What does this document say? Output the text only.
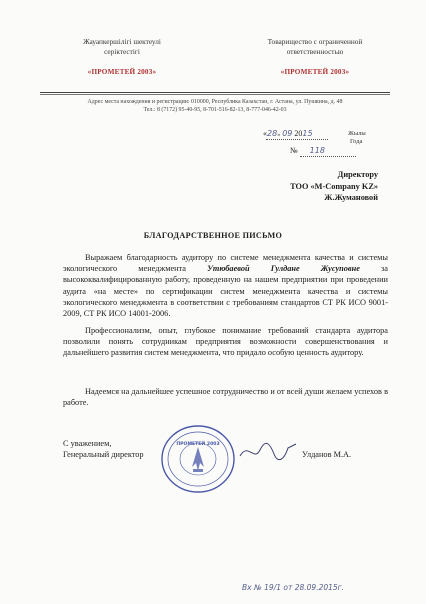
Жауапкершілігі шектеулі
серіктестігі
«ПРОМЕТЕЙ 2003»
Товарищество с ограниченной
ответственностью
«ПРОМЕТЕЙ 2003»
Адрес места нахождения и регистрации: 010000, Республика Казахстан, г. Астана, ул. Пушкина, д. 48
Тел.: 8 (7172) 95-40-95, 8-701-516-82-13, 8-777-046-42-03
«28» 09 2015	Жылы
Года
№ 118
Директору
ТОО «M-Company KZ»
Ж.Жумановой
БЛАГОДАРСТВЕННОЕ ПИСЬМО
Выражаем благодарность аудитору по системе менеджмента качества и системы экологического менеджмента Утюбаевой Гулдане Жусуповне за высококвалифицированную работу, проведенную на нашем предприятии при проведении аудита «на месте» по сертификации систем менеджмента качества и системы экологического менеджмента в соответствии с требованиям стандартов СТ РК ИСО 9001-2009, СТ РК ИСО 14001-2006.
Профессионализм, опыт, глубокое понимание требований стандарта аудитора позволили понять сотрудникам предприятия возможности совершенствования и дальнейшего развития систем менеджмента, что придало особую ценность аудитору.
Надеемся на дальнейшее успешное сотрудничество и от всей души желаем успехов в работе.
С уважением,
Генеральный директор
ПРОМЕТЕЙ 2003
Улданов М.А.
Вх № 19/1 от 28.09.2015г.
